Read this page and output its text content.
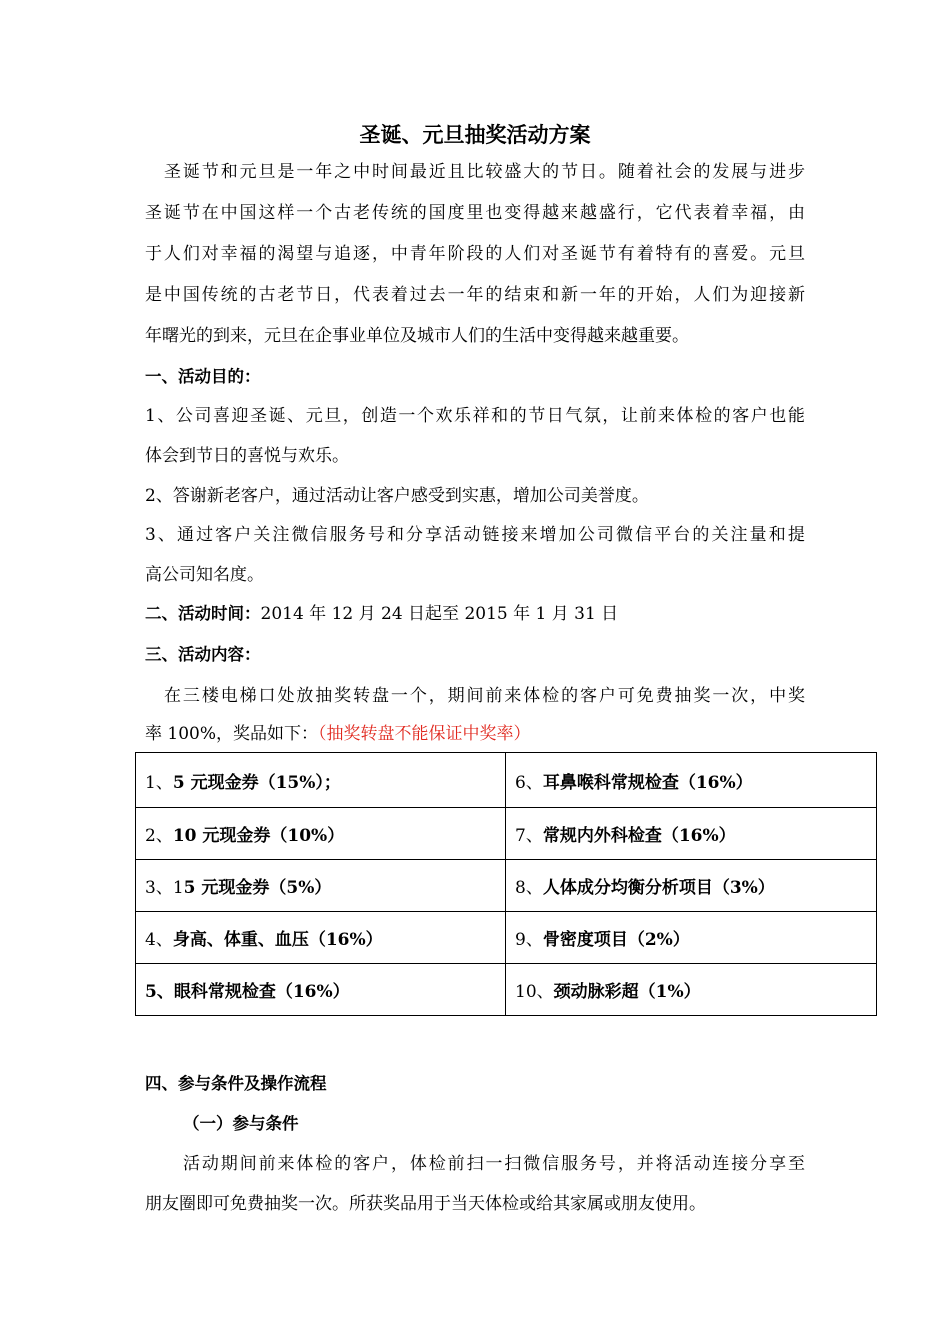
圣诞、元旦抽奖活动方案
圣诞节和元旦是一年之中时间最近且比较盛大的节日。随着社会的发展与进步
圣诞节在中国这样一个古老传统的国度里也变得越来越盛行，它代表着幸福，由
于人们对幸福的渴望与追逐，中青年阶段的人们对圣诞节有着特有的喜爱。元旦
是中国传统的古老节日，代表着过去一年的结束和新一年的开始，人们为迎接新
年曙光的到来，元旦在企事业单位及城市人们的生活中变得越来越重要。
一、活动目的：
1、公司喜迎圣诞、元旦，创造一个欢乐祥和的节日气氛，让前来体检的客户也能
体会到节日的喜悦与欢乐。
2、答谢新老客户，通过活动让客户感受到实惠，增加公司美誉度。
3、通过客户关注微信服务号和分享活动链接来增加公司微信平台的关注量和提
高公司知名度。
二、活动时间：2014 年 12 月 24 日起至 2015 年 1 月 31 日
三、活动内容：
在三楼电梯口处放抽奖转盘一个，期间前来体检的客户可免费抽奖一次，中奖
率 100%，奖品如下：（抽奖转盘不能保证中奖率）
1、5 元现金券（15%）；	6、耳鼻喉科常规检查（16%）
2、10 元现金券（10%）	7、常规内外科检查（16%）
3、15 元现金券（5%）	8、人体成分均衡分析项目（3%）
4、身高、体重、血压（16%）	9、骨密度项目（2%）
5、眼科常规检查（16%）	10、颈动脉彩超（1%）
四、参与条件及操作流程
（一）参与条件
活动期间前来体检的客户，体检前扫一扫微信服务号，并将活动连接分享至
朋友圈即可免费抽奖一次。所获奖品用于当天体检或给其家属或朋友使用。
